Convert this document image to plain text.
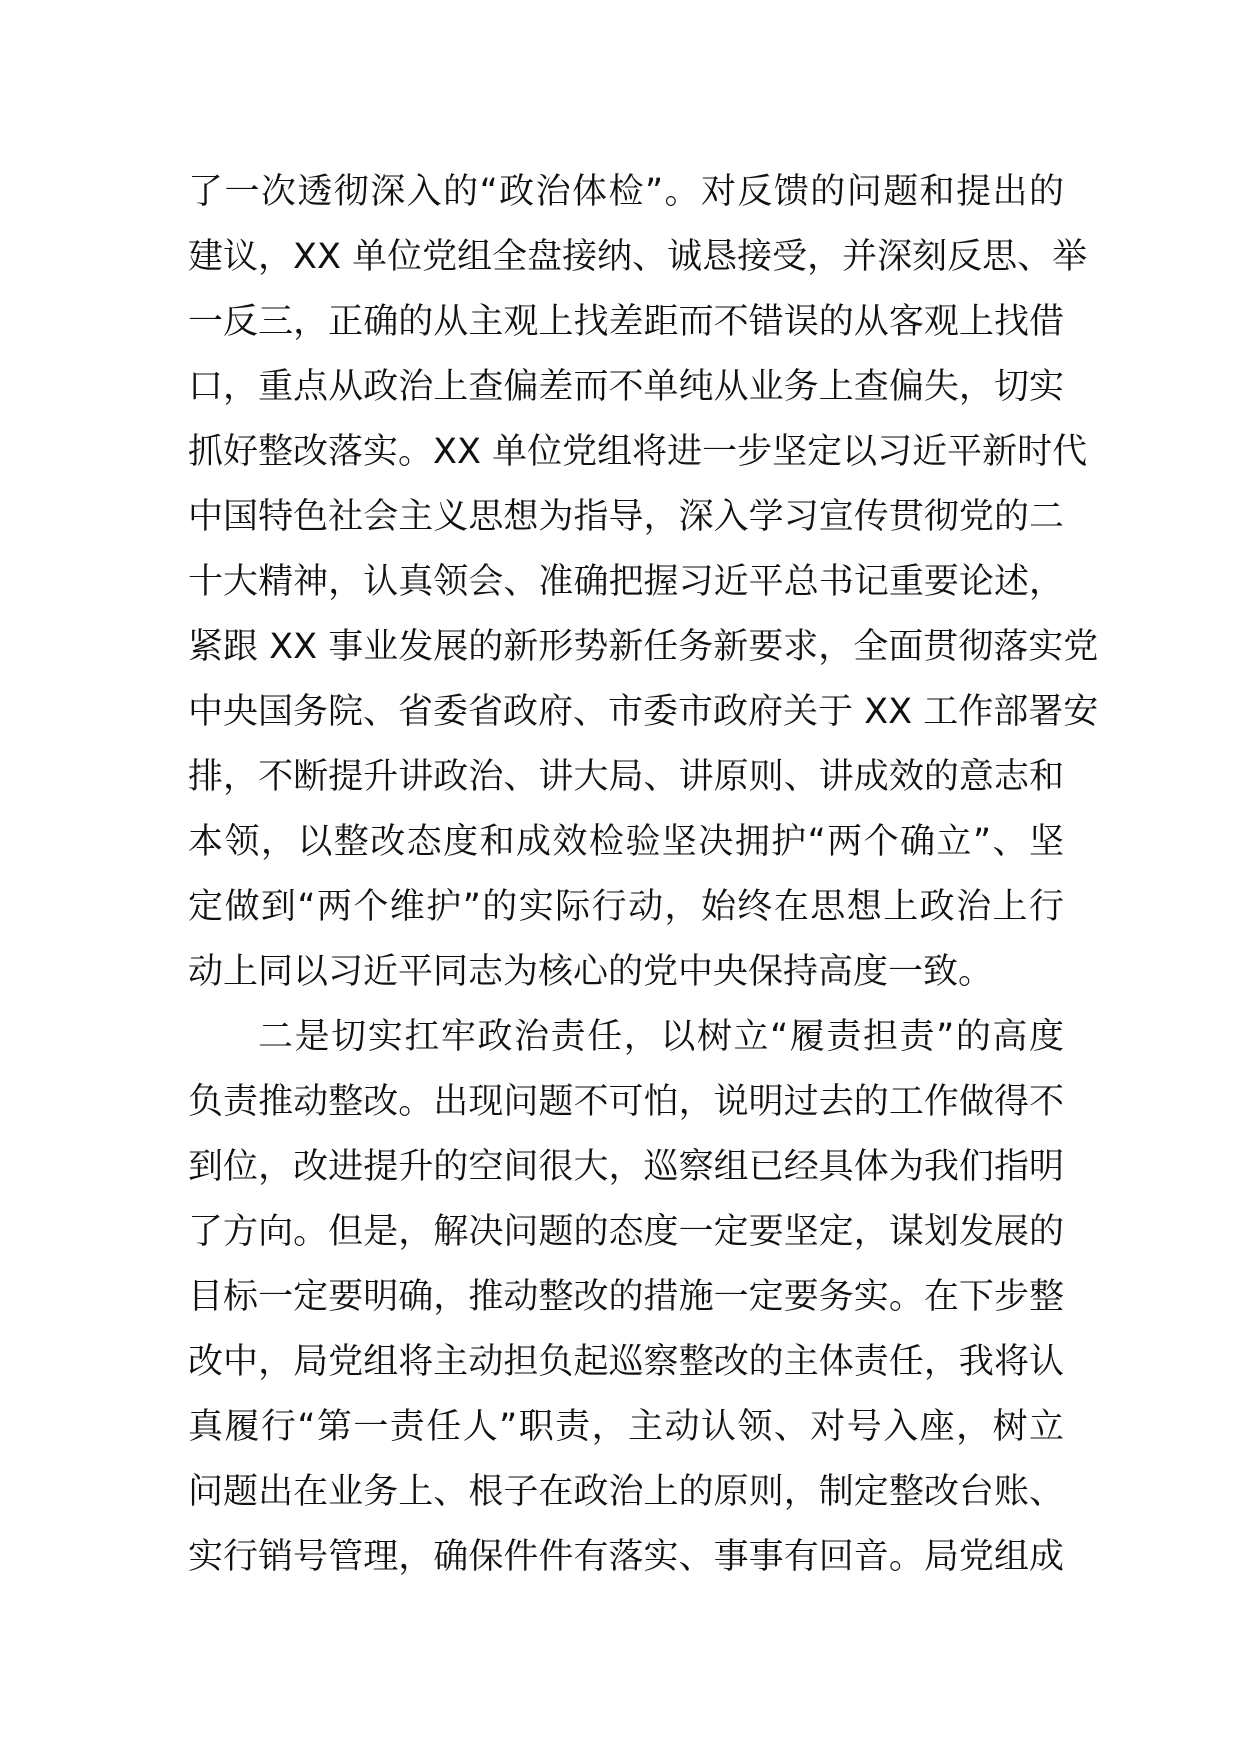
了一次透彻深入的“政治体检”。对反馈的问题和提出的
建议，XX 单位党组全盘接纳、诚恳接受，并深刻反思、举
一反三，正确的从主观上找差距而不错误的从客观上找借
口，重点从政治上查偏差而不单纯从业务上查偏失，切实
抓好整改落实。XX 单位党组将进一步坚定以习近平新时代
中国特色社会主义思想为指导，深入学习宣传贯彻党的二
十大精神，认真领会、准确把握习近平总书记重要论述，
紧跟 XX 事业发展的新形势新任务新要求，全面贯彻落实党
中央国务院、省委省政府、市委市政府关于 XX 工作部署安
排，不断提升讲政治、讲大局、讲原则、讲成效的意志和
本领，以整改态度和成效检验坚决拥护“两个确立”、坚
定做到“两个维护”的实际行动，始终在思想上政治上行
动上同以习近平同志为核心的党中央保持高度一致。
二是切实扛牢政治责任，以树立“履责担责”的高度
负责推动整改。出现问题不可怕，说明过去的工作做得不
到位，改进提升的空间很大，巡察组已经具体为我们指明
了方向。但是，解决问题的态度一定要坚定，谋划发展的
目标一定要明确，推动整改的措施一定要务实。在下步整
改中，局党组将主动担负起巡察整改的主体责任，我将认
真履行“第一责任人”职责，主动认领、对号入座，树立
问题出在业务上、根子在政治上的原则，制定整改台账、
实行销号管理，确保件件有落实、事事有回音。局党组成
